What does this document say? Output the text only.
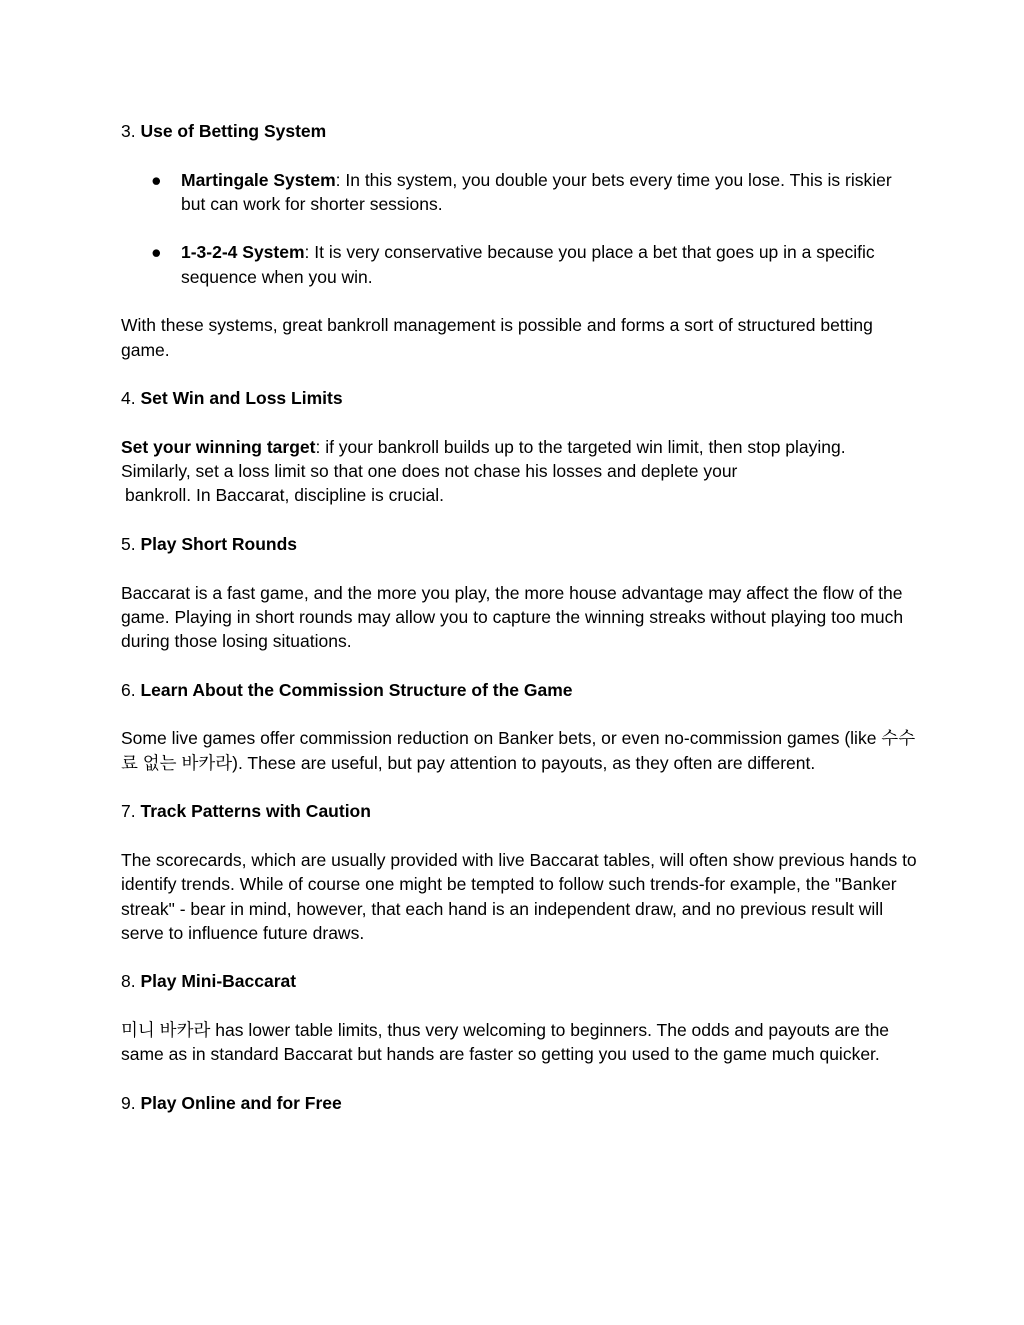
3. Use of Betting System

● Martingale System: In this system, you double your bets every time you lose. This is riskier but can work for shorter sessions.
● 1-3-2-4 System: It is very conservative because you place a bet that goes up in a specific sequence when you win.

With these systems, great bankroll management is possible and forms a sort of structured betting game.

4. Set Win and Loss Limits

Set your winning target: if your bankroll builds up to the targeted win limit, then stop playing.
Similarly, set a loss limit so that one does not chase his losses and deplete your
bankroll. In Baccarat, discipline is crucial.

5. Play Short Rounds

Baccarat is a fast game, and the more you play, the more house advantage may affect the flow of the game. Playing in short rounds may allow you to capture the winning streaks without playing too much during those losing situations.

6. Learn About the Commission Structure of the Game

Some live games offer commission reduction on Banker bets, or even no-commission games (like 수수료 없는 바카라). These are useful, but pay attention to payouts, as they often are different.

7. Track Patterns with Caution

The scorecards, which are usually provided with live Baccarat tables, will often show previous hands to identify trends. While of course one might be tempted to follow such trends-for example, the "Banker streak" - bear in mind, however, that each hand is an independent draw, and no previous result will serve to influence future draws.

8. Play Mini-Baccarat

미니 바카라 has lower table limits, thus very welcoming to beginners. The odds and payouts are the same as in standard Baccarat but hands are faster so getting you used to the game much quicker.

9. Play Online and for Free
